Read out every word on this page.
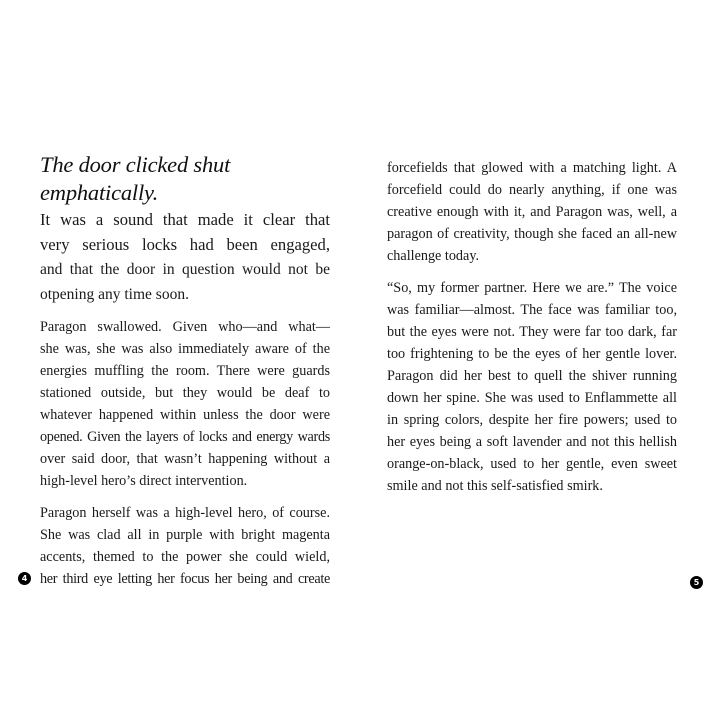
The door clicked shut emphatically.

It was a sound that made it clear that
very serious locks had been engaged,
and that the door in question would not be
otpening any time soon.

Paragon swallowed. Given who—and what—
she was, she was also immediately aware of the
energies muffling the room. There were guards
stationed outside, but they would be deaf to
whatever happened within unless the door were
opened. Given the layers of locks and energy wards
over said door, that wasn’t happening without a
high-level hero’s direct intervention.

Paragon herself was a high-level hero, of course.
She was clad all in purple with bright magenta
accents, themed to the power she could wield,
her third eye letting her focus her being and create

4

forcefields that glowed with a matching light. A
forcefield could do nearly anything, if one was
creative enough with it, and Paragon was, well, a
paragon of creativity, though she faced an all-new
challenge today.

“So, my former partner. Here we are.” The voice
was familiar—almost. The face was familiar too,
but the eyes were not. They were far too dark, far
too frightening to be the eyes of her gentle lover.
Paragon did her best to quell the shiver running
down her spine. She was used to Enflammette all
in spring colors, despite her fire powers; used to
her eyes being a soft lavender and not this hellish
orange-on-black, used to her gentle, even sweet
smile and not this self-satisfied smirk.

5
